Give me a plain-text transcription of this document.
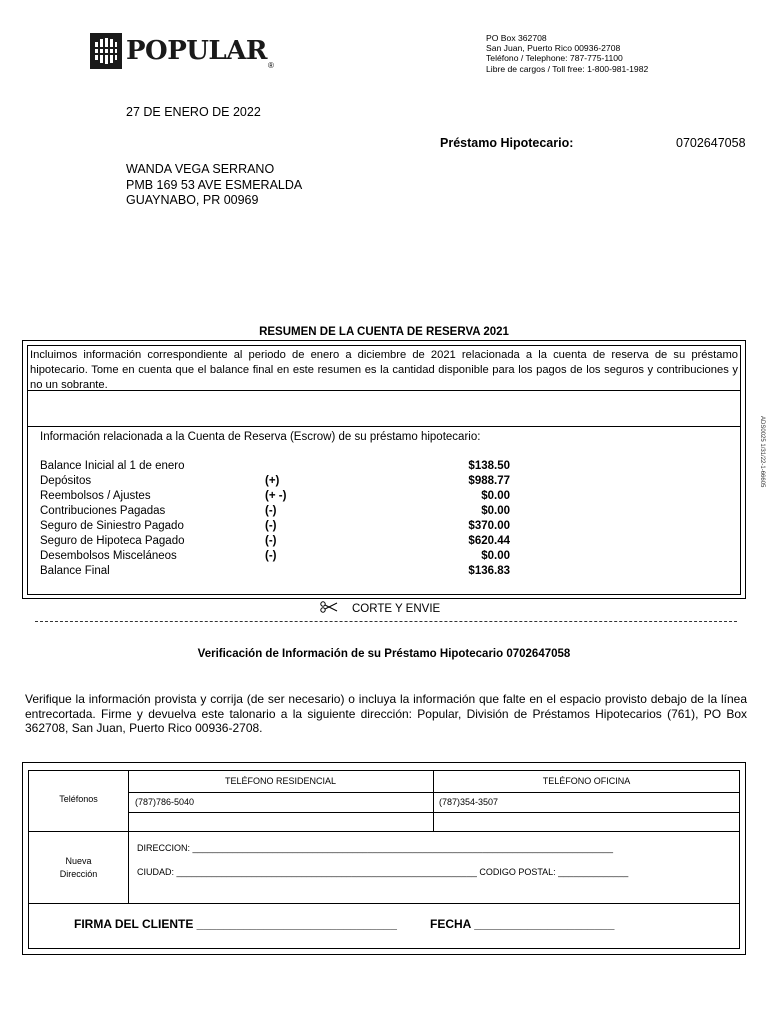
POPULAR ®
PO Box 362708
San Juan, Puerto Rico 00936-2708
Teléfono / Telephone: 787-775-1100
Libre de cargos / Toll free: 1-800-981-1982
27 DE ENERO DE 2022
Préstamo Hipotecario:	0702647058
WANDA VEGA SERRANO
PMB 169 53 AVE ESMERALDA
GUAYNABO, PR 00969
RESUMEN DE LA CUENTA DE RESERVA 2021
Incluimos información correspondiente al periodo de enero a diciembre de 2021 relacionada a la cuenta de reserva de su préstamo hipotecario. Tome en cuenta que el balance final en este resumen es la cantidad disponible para los pagos de los seguros y contribuciones y no un sobrante.
Información relacionada a la Cuenta de Reserva (Escrow) de su préstamo hipotecario:
Balance Inicial al 1 de enero	$138.50
Depósitos	(+)	$988.77
Reembolsos / Ajustes	(+ -)	$0.00
Contribuciones Pagadas	(-)	$0.00
Seguro de Siniestro Pagado	(-)	$370.00
Seguro de Hipoteca Pagado	(-)	$620.44
Desembolsos Misceláneos	(-)	$0.00
Balance Final	$136.83
ADS0025 1/31/22-1-66605
CORTE Y ENVIE
Verificación de Información de su Préstamo Hipotecario 0702647058
Verifique la información provista y corrija (de ser necesario) o incluya la información que falte en el espacio provisto debajo de la línea entrecortada. Firme y devuelva este talonario a la siguiente dirección: Popular, División de Préstamos Hipotecarios (761), PO Box 362708, San Juan, Puerto Rico 00936-2708.
Teléfonos
TELÉFONO RESIDENCIAL	TELÉFONO OFICINA
(787)786-5040	(787)354-3507
Nueva
Dirección
DIRECCION: ____________________________________________________________________________________
CIUDAD: ____________________________________________________________ CODIGO POSTAL: ______________
FIRMA DEL CLIENTE ______________________________	FECHA _____________________
